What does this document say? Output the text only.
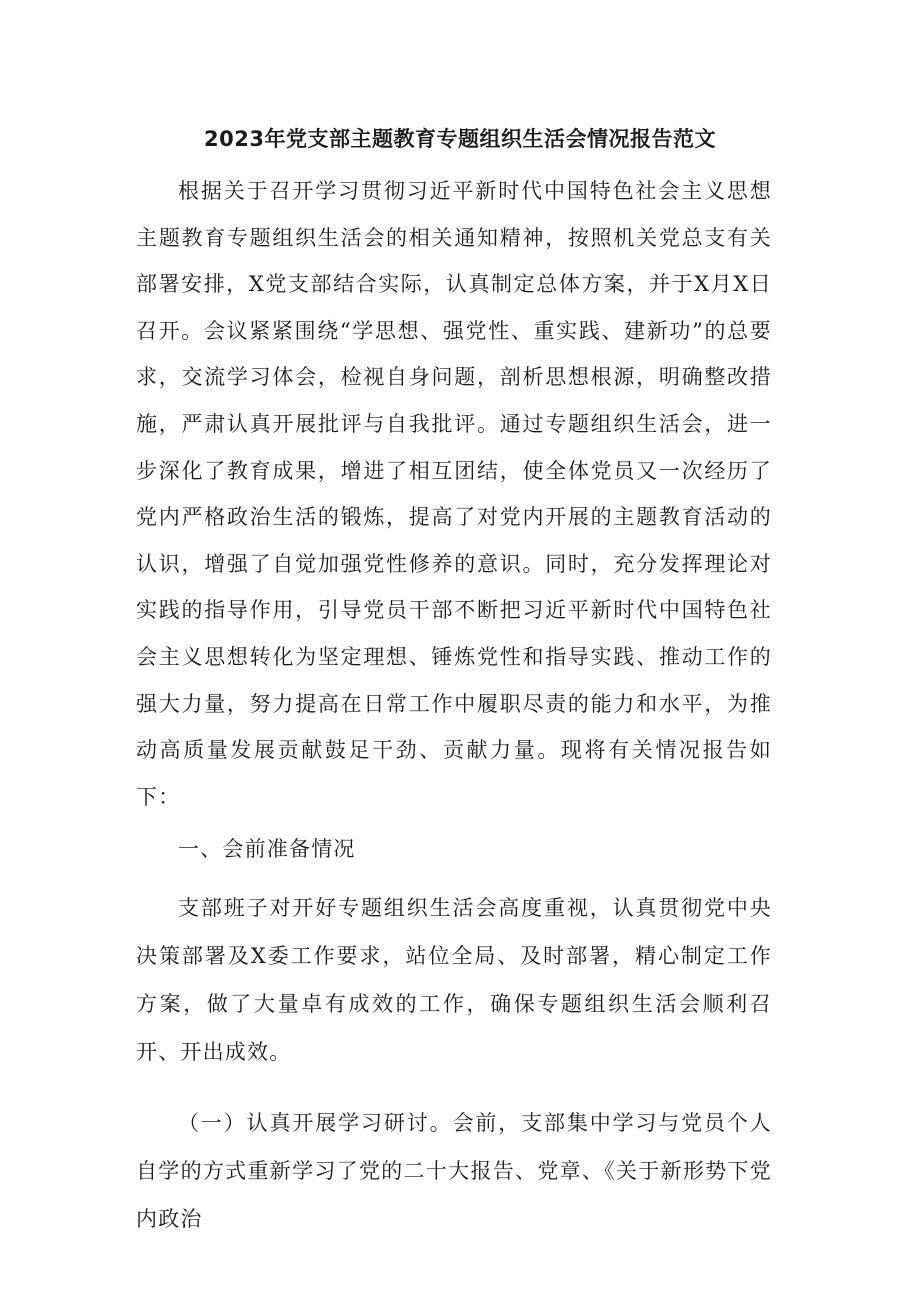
2023年党支部主题教育专题组织生活会情况报告范文

根据关于召开学习贯彻习近平新时代中国特色社会主义思想主题教育专题组织生活会的相关通知精神，按照机关党总支有关部署安排，X党支部结合实际，认真制定总体方案，并于X月X日召开。会议紧紧围绕“学思想、强党性、重实践、建新功”的总要求，交流学习体会，检视自身问题，剖析思想根源，明确整改措施，严肃认真开展批评与自我批评。通过专题组织生活会，进一步深化了教育成果，增进了相互团结，使全体党员又一次经历了党内严格政治生活的锻炼，提高了对党内开展的主题教育活动的认识，增强了自觉加强党性修养的意识。同时，充分发挥理论对实践的指导作用，引导党员干部不断把习近平新时代中国特色社会主义思想转化为坚定理想、锤炼党性和指导实践、推动工作的强大力量，努力提高在日常工作中履职尽责的能力和水平，为推动高质量发展贡献鼓足干劲、贡献力量。现将有关情况报告如下：

一、会前准备情况

支部班子对开好专题组织生活会高度重视，认真贯彻党中央决策部署及X委工作要求，站位全局、及时部署，精心制定工作方案，做了大量卓有成效的工作，确保专题组织生活会顺利召开、开出成效。

（一）认真开展学习研讨。会前，支部集中学习与党员个人自学的方式重新学习了党的二十大报告、党章、《关于新形势下党内政治
